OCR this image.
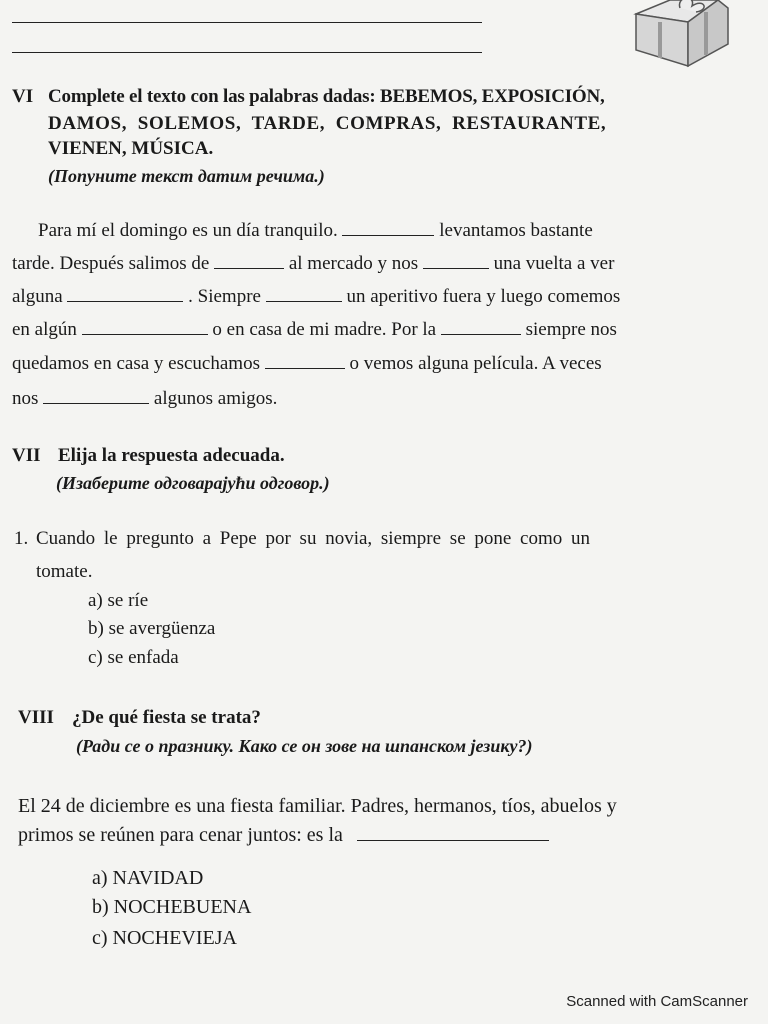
VI Complete el texto con las palabras dadas: BEBEMOS, EXPOSICIÓN,
DAMOS,  SOLEMOS,  TARDE,  COMPRAS,  RESTAURANTE,
VIENEN, MÚSICA.
(Попуните текст датим речима.)
Para mí el domingo es un día tranquilo.	levantamos bastante
tarde. Después salimos de	al mercado y nos	una vuelta a ver
alguna	. Siempre	un aperitivo fuera y luego comemos
en algún	o en casa de mi madre. Por la	siempre nos
quedamos en casa y escuchamos	o vemos alguna película. A veces
nos	algunos amigos.
VII Elija la respuesta adecuada.
(Изаберите одговарајући одговор.)
1. Cuando le pregunto a Pepe por su novia, siempre se pone como un
tomate.
a) se ríe
b) se avergüenza
c) se enfada
VIII ¿De qué fiesta se trata?
(Ради се о празнику. Како се он зове на шпанском језику?)
El 24 de diciembre es una fiesta familiar. Padres, hermanos, tíos, abuelos y
primos se reúnen para cenar juntos: es la
a) NAVIDAD
b) NOCHEBUENA
c) NOCHEVIEJA
Scanned with CamScanner
